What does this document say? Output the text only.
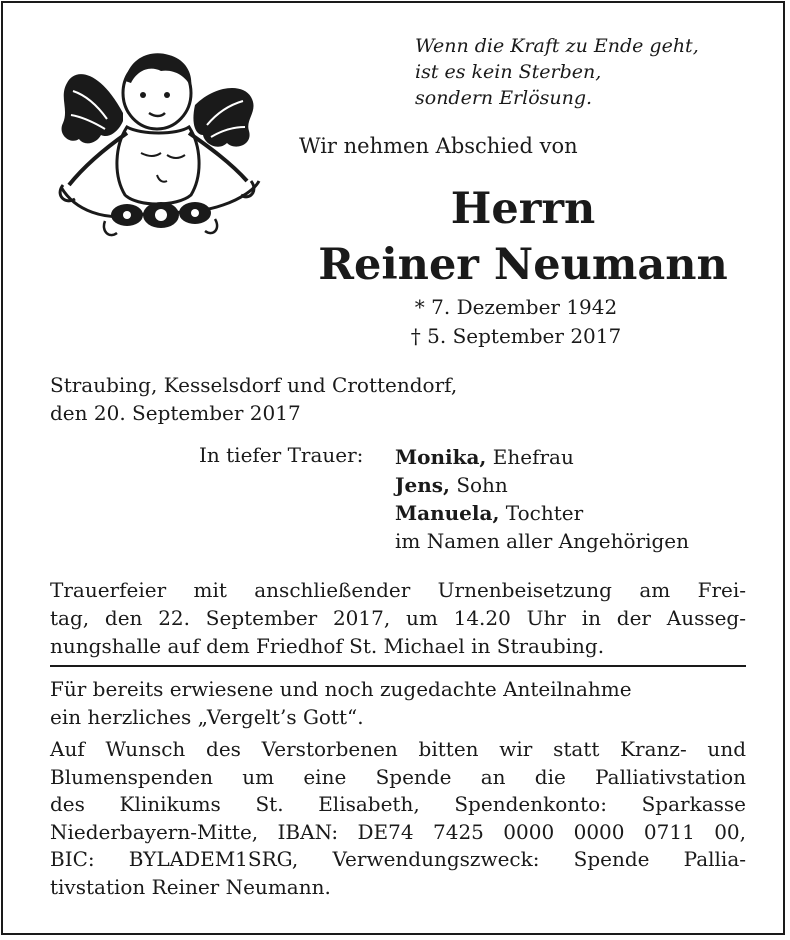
Wenn die Kraft zu Ende geht,
ist es kein Sterben,
sondern Erlösung.
Wir nehmen Abschied von
Herrn
Reiner Neumann
* 7. Dezember 1942
† 5. September 2017
Straubing, Kesselsdorf und Crottendorf,
den 20. September 2017
In tiefer Trauer: Monika, Ehefrau
Jens, Sohn
Manuela, Tochter
im Namen aller Angehörigen
Trauerfeier mit anschließender Urnenbeisetzung am Frei-
tag, den 22. September 2017, um 14.20 Uhr in der Ausseg-
nungshalle auf dem Friedhof St. Michael in Straubing.
Für bereits erwiesene und noch zugedachte Anteilnahme
ein herzliches „Vergelt’s Gott“.
Auf Wunsch des Verstorbenen bitten wir statt Kranz- und
Blumenspenden um eine Spende an die Palliativstation
des Klinikums St. Elisabeth, Spendenkonto: Sparkasse
Niederbayern-Mitte, IBAN: DE74 7425 0000 0000 0711 00,
BIC: BYLADEM1SRG, Verwendungszweck: Spende Pallia-
tivstation Reiner Neumann.
